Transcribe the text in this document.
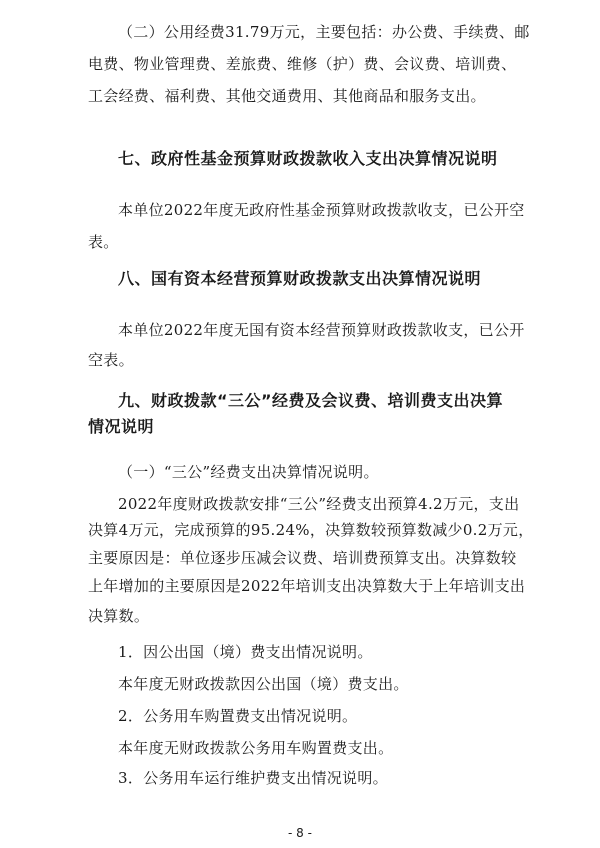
（二）公用经费31.79万元，主要包括：办公费、手续费、邮
电费、物业管理费、差旅费、维修（护）费、会议费、培训费、
工会经费、福利费、其他交通费用、其他商品和服务支出。
七、政府性基金预算财政拨款收入支出决算情况说明
本单位2022年度无政府性基金预算财政拨款收支，已公开空
表。
八、国有资本经营预算财政拨款支出决算情况说明
本单位2022年度无国有资本经营预算财政拨款收支，已公开
空表。
九、财政拨款“三公”经费及会议费、培训费支出决算
情况说明
（一）“三公”经费支出决算情况说明。
2022年度财政拨款安排“三公”经费支出预算4.2万元，支出
决算4万元，完成预算的95.24%，决算数较预算数减少0.2万元，
主要原因是：单位逐步压减会议费、培训费预算支出。决算数较
上年增加的主要原因是2022年培训支出决算数大于上年培训支出
决算数。
1．因公出国（境）费支出情况说明。
本年度无财政拨款因公出国（境）费支出。
2．公务用车购置费支出情况说明。
本年度无财政拨款公务用车购置费支出。
3．公务用车运行维护费支出情况说明。
- 8 -
